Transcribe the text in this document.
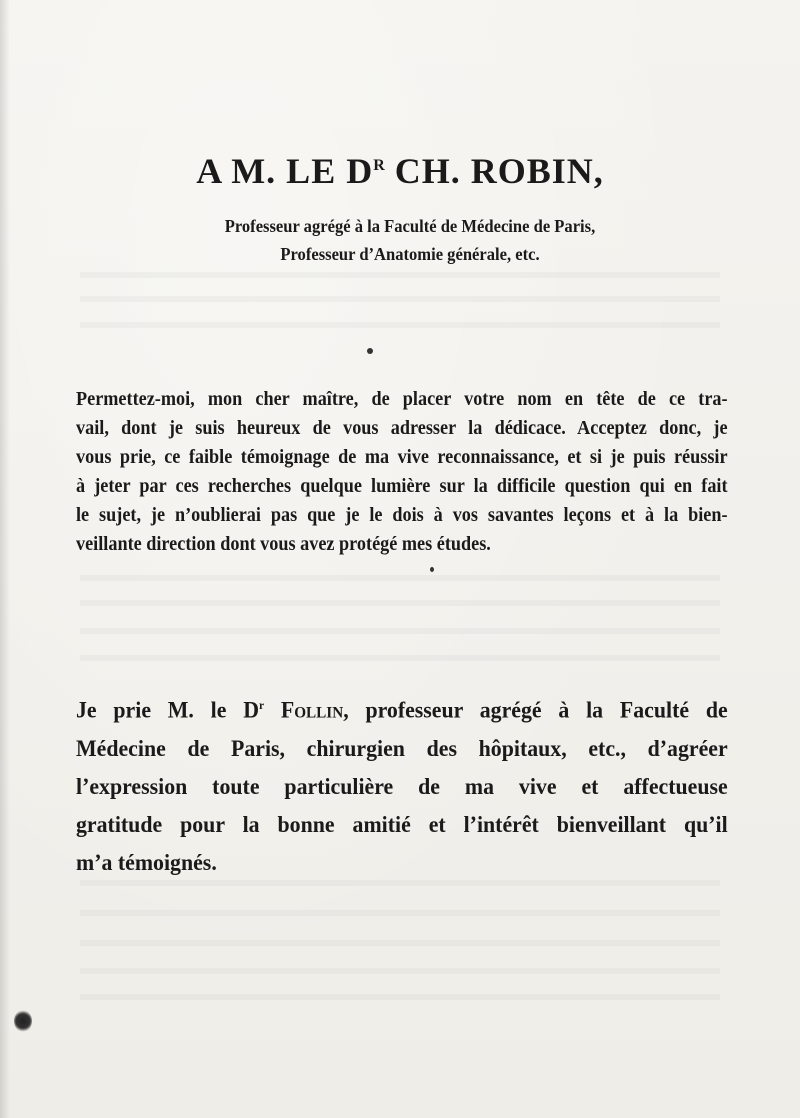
A M. LE $D^R$ CH. ROBIN,
Professeur agrégé à la Faculté de Médecine de Paris,
Professeur d’Anatomie générale, etc.
Permettez-moi, mon cher maître, de placer votre nom en tête de ce tra-
vail, dont je suis heureux de vous adresser la dédicace. Acceptez donc, je
vous prie, ce faible témoignage de ma vive reconnaissance, et si je puis réussir
à jeter par ces recherches quelque lumière sur la difficile question qui en fait
le sujet, je n’oublierai pas que je le dois à vos savantes leçons et à la bien-
veillante direction dont vous avez protégé mes études.
Je prie M. le $D^r$ Follin, professeur agrégé à la Faculté de
Médecine de Paris, chirurgien des hôpitaux, etc., d’agréer
l’expression toute particulière de ma vive et affectueuse
gratitude pour la bonne amitié et l’intérêt bienveillant qu’il
m’a témoignés.
